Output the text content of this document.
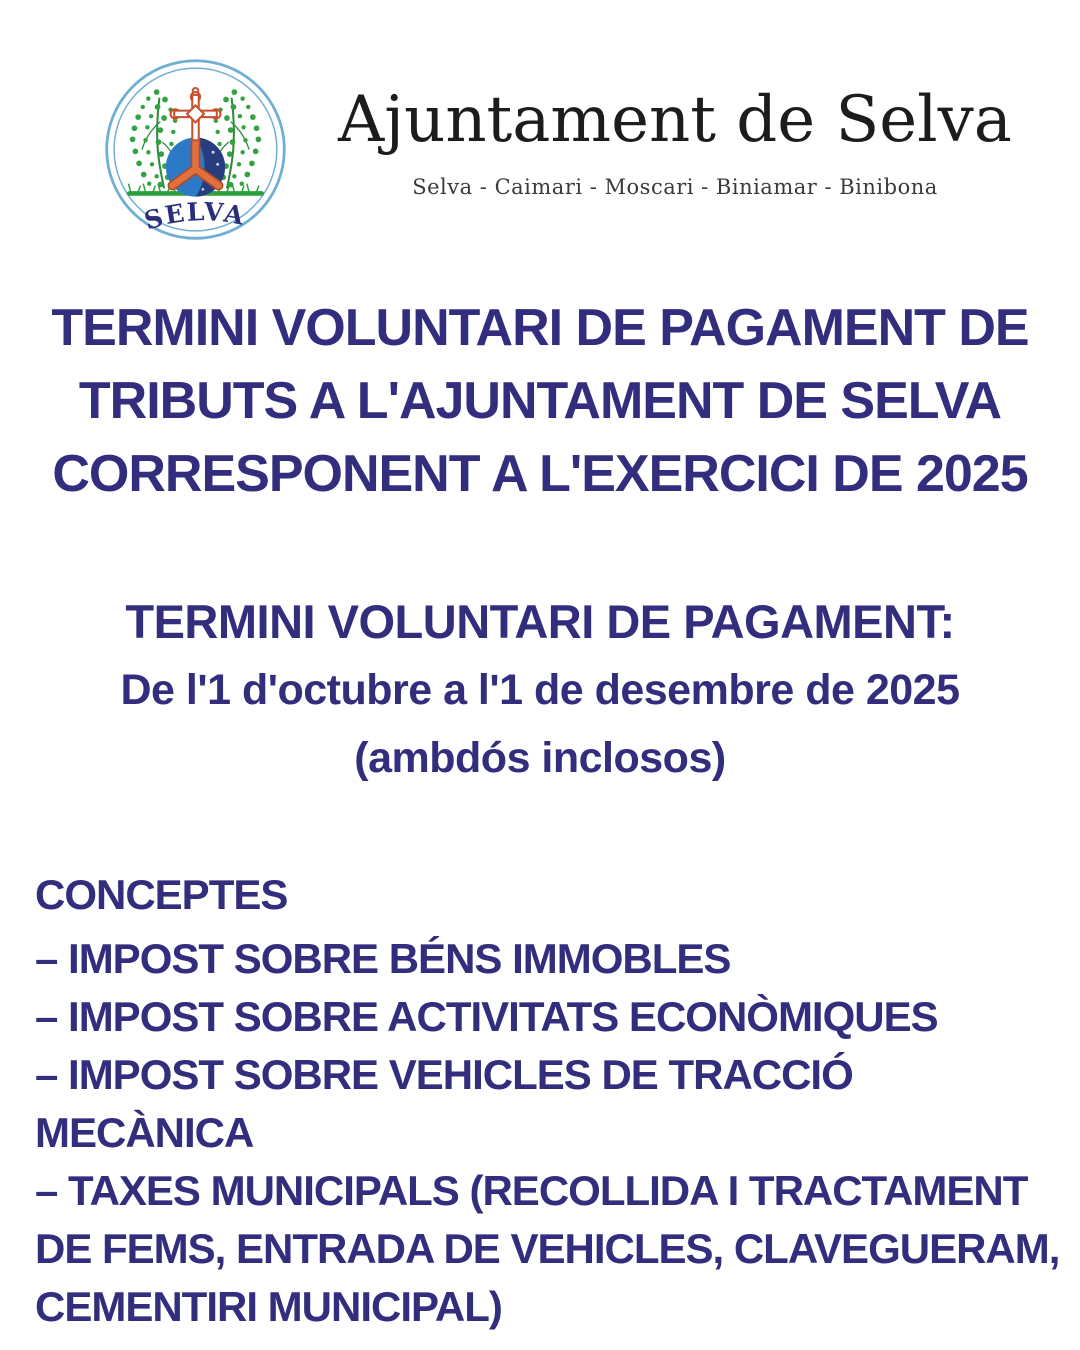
SELVA
Ajuntament de Selva
Selva - Caimari - Moscari - Biniamar - Binibona
TERMINI VOLUNTARI DE PAGAMENT DE
TRIBUTS A L'AJUNTAMENT DE SELVA
CORRESPONENT A L'EXERCICI DE 2025
TERMINI VOLUNTARI DE PAGAMENT:
De l'1 d'octubre a l'1 de desembre de 2025
(ambdós inclosos)
CONCEPTES
– IMPOST SOBRE BÉNS IMMOBLES
– IMPOST SOBRE ACTIVITATS ECONÒMIQUES
– IMPOST SOBRE VEHICLES DE TRACCIÓ MECÀNICA
– TAXES MUNICIPALS (RECOLLIDA I TRACTAMENT DE FEMS, ENTRADA DE VEHICLES, CLAVEGUERAM, CEMENTIRI MUNICIPAL)
